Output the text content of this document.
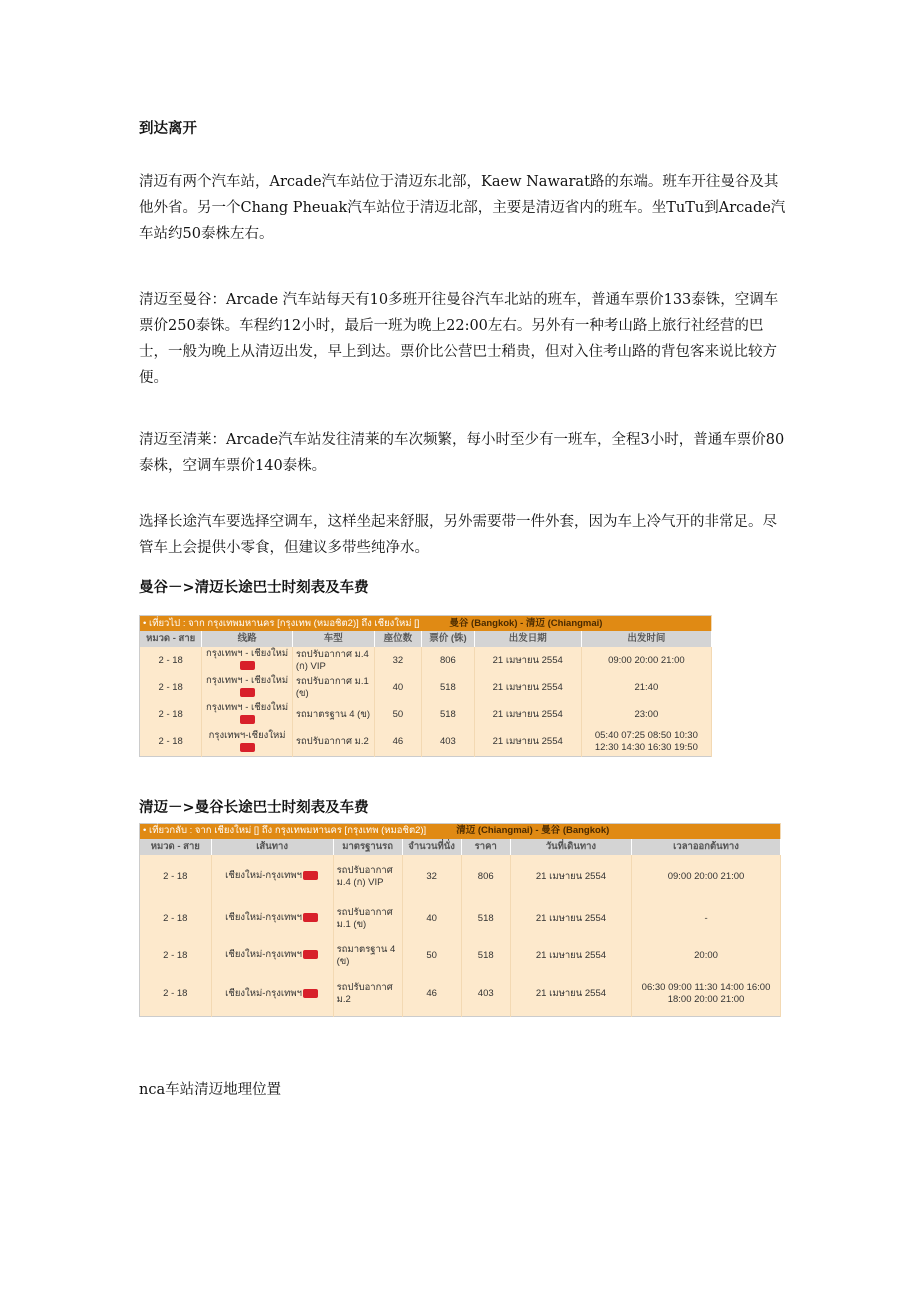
到达离开
清迈有两个汽车站，Arcade汽车站位于清迈东北部，Kaew Nawarat路的东端。班车开往曼谷及其他外省。另一个Chang Pheuak汽车站位于清迈北部，主要是清迈省内的班车。坐TuTu到Arcade汽车站约50泰株左右。
清迈至曼谷：Arcade 汽车站每天有10多班开往曼谷汽车北站的班车，普通车票价133泰铢，空调车票价250泰铢。车程约12小时，最后一班为晚上22:00左右。另外有一种考山路上旅行社经营的巴士，一般为晚上从清迈出发，早上到达。票价比公营巴士稍贵，但对入住考山路的背包客来说比较方便。
清迈至清莱：Arcade汽车站发往清莱的车次频繁，每小时至少有一班车，全程3小时，普通车票价80泰株，空调车票价140泰株。
选择长途汽车要选择空调车，这样坐起来舒服，另外需要带一件外套，因为车上冷气开的非常足。尽管车上会提供小零食，但建议多带些纯净水。
曼谷－>清迈长途巴士时刻表及车费
• เที่ยวไป : จาก กรุงเทพมหานคร [กรุงเทพ (หมอชิต2)] ถึง เชียงใหม่ [] 曼谷 (Bangkok) - 清迈 (Chiangmai)						
หมวด - สาย	线路	车型	座位数	票价 (铢)	出发日期	出发时间
2 - 18	กรุงเทพฯ - เชียงใหม่	รถปรับอากาศ ม.4 (ก) VIP	32	806	21 เมษายน 2554	09:00 20:00 21:00
2 - 18	กรุงเทพฯ - เชียงใหม่	รถปรับอากาศ ม.1 (ข)	40	518	21 เมษายน 2554	21:40
2 - 18	กรุงเทพฯ - เชียงใหม่	รถมาตรฐาน 4 (ข)	50	518	21 เมษายน 2554	23:00
2 - 18	กรุงเทพฯ-เชียงใหม่	รถปรับอากาศ ม.2	46	403	21 เมษายน 2554	05:40 07:25 08:50 10:30 12:30 14:30 16:30 19:50
清迈－>曼谷长途巴士时刻表及车费
• เที่ยวกลับ : จาก เชียงใหม่ [] ถึง กรุงเทพมหานคร [กรุงเทพ (หมอชิต2)] 清迈 (Chiangmai) - 曼谷 (Bangkok)						
หมวด - สาย	เส้นทาง	มาตรฐานรถ	จำนวนที่นั่ง	ราคา	วันที่เดินทาง	เวลาออกต้นทาง
2 - 18	เชียงใหม่-กรุงเทพฯ	รถปรับอากาศ ม.4 (ก) VIP	32	806	21 เมษายน 2554	09:00 20:00 21:00
2 - 18	เชียงใหม่-กรุงเทพฯ	รถปรับอากาศ ม.1 (ข)	40	518	21 เมษายน 2554	-
2 - 18	เชียงใหม่-กรุงเทพฯ	รถมาตรฐาน 4 (ข)	50	518	21 เมษายน 2554	20:00
2 - 18	เชียงใหม่-กรุงเทพฯ	รถปรับอากาศ ม.2	46	403	21 เมษายน 2554	06:30 09:00 11:30 14:00 16:00 18:00 20:00 21:00
nca车站清迈地理位置
